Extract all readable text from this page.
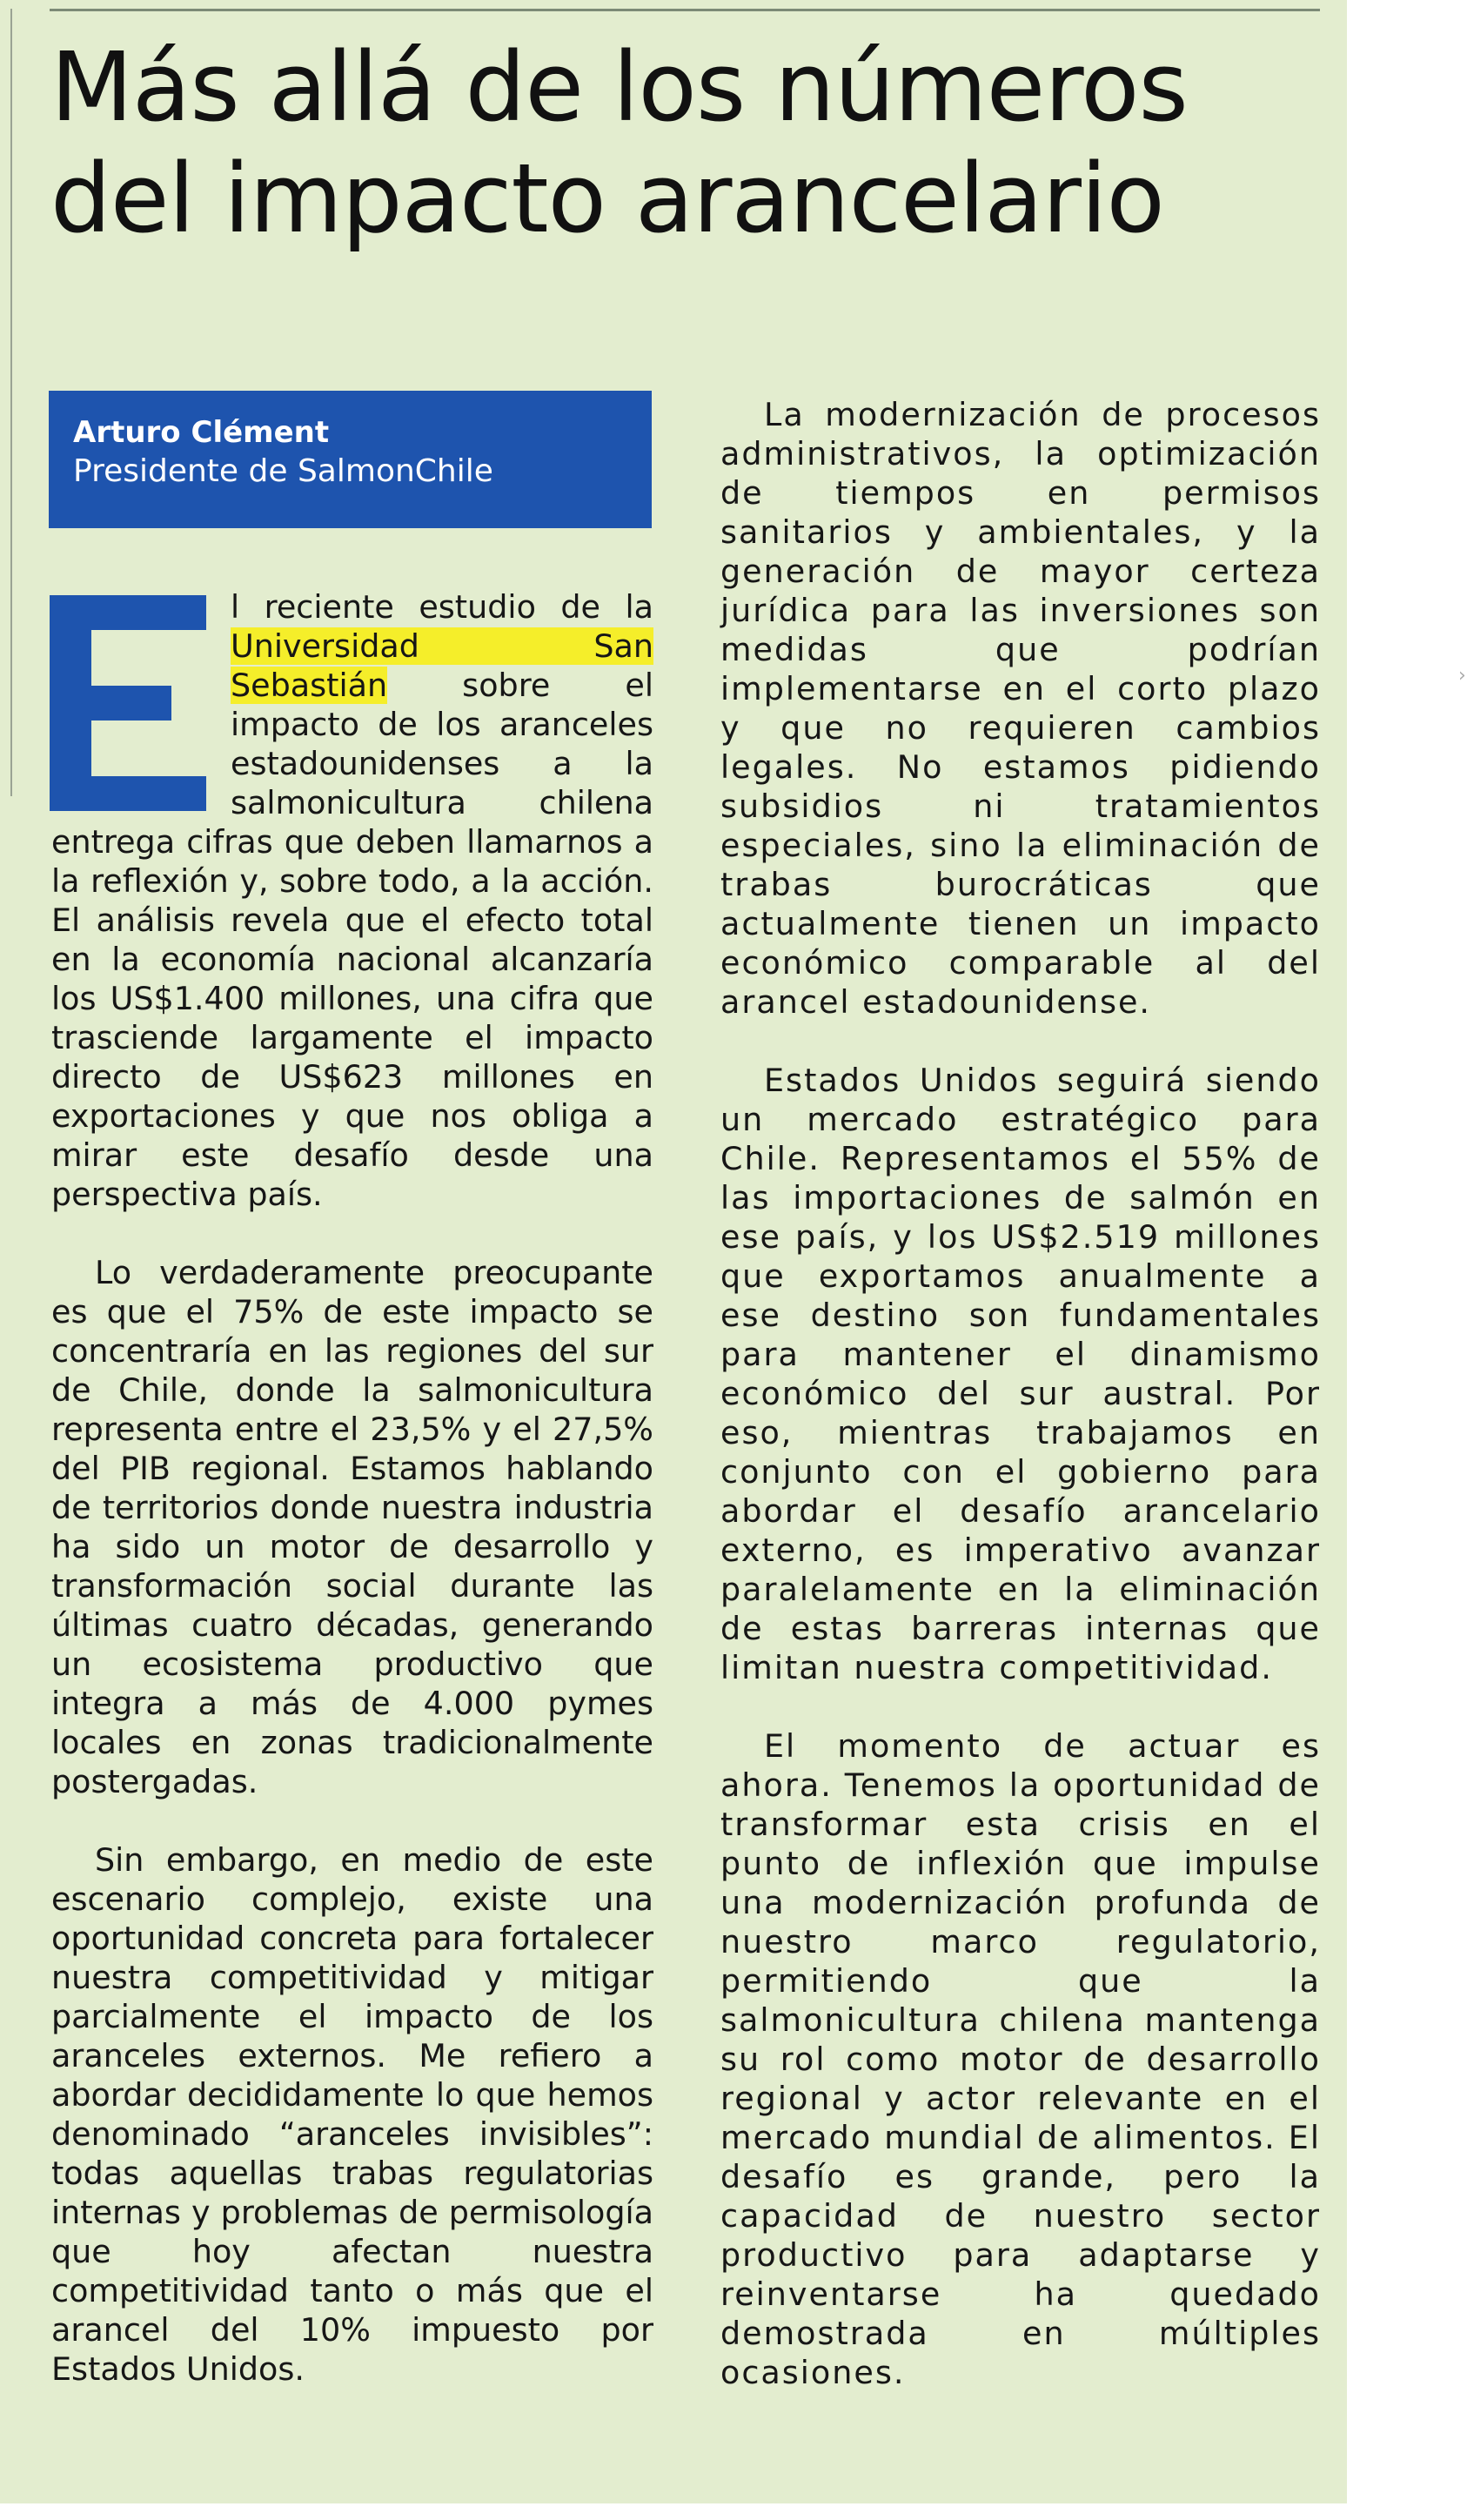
Más allá de los números del impacto arancelario
Arturo Clément
Presidente de SalmonChile

l reciente estudio de la Universidad San Sebastián sobre el impacto de los aranceles estadounidenses a la salmonicultura chilena entrega cifras que deben llamarnos a la reflexión y, sobre todo, a la acción. El análisis revela que el efecto total en la economía nacional alcanzaría los US$1.400 millones, una cifra que trasciende largamente el impacto directo de US$623 millones en exportaciones y que nos obliga a mirar este desafío desde una perspectiva país.

Lo verdaderamente preocupante es que el 75% de este impacto se concentraría en las regiones del sur de Chile, donde la salmonicultura representa entre el 23,5% y el 27,5% del PIB regional. Estamos hablando de territorios donde nuestra industria ha sido un motor de desarrollo y transformación social durante las últimas cuatro décadas, generando un ecosistema productivo que integra a más de 4.000 pymes locales en zonas tradicionalmente postergadas.

Sin embargo, en medio de este escenario complejo, existe una oportunidad concreta para fortalecer nuestra competitividad y mitigar parcialmente el impacto de los aranceles externos. Me refiero a abordar decididamente lo que hemos denominado “aranceles invisibles”: todas aquellas trabas regulatorias internas y problemas de permisología que hoy afectan nuestra competitividad tanto o más que el arancel del 10% impuesto por Estados Unidos.

La modernización de procesos administrativos, la optimización de tiempos en permisos sanitarios y ambientales, y la generación de mayor certeza jurídica para las inversiones son medidas que podrían implementarse en el corto plazo y que no requieren cambios legales. No estamos pidiendo subsidios ni tratamientos especiales, sino la eliminación de trabas burocráticas que actualmente tienen un impacto económico comparable al del arancel estadounidense.

Estados Unidos seguirá siendo un mercado estratégico para Chile. Representamos el 55% de las importaciones de salmón en ese país, y los US$2.519 millones que exportamos anualmente a ese destino son fundamentales para mantener el dinamismo económico del sur austral. Por eso, mientras trabajamos en conjunto con el gobierno para abordar el desafío arancelario externo, es imperativo avanzar paralelamente en la eliminación de estas barreras internas que limitan nuestra competitividad.

El momento de actuar es ahora. Tenemos la oportunidad de transformar esta crisis en el punto de inflexión que impulse una modernización profunda de nuestro marco regulatorio, permitiendo que la salmonicultura chilena mantenga su rol como motor de desarrollo regional y actor relevante en el mercado mundial de alimentos. El desafío es grande, pero la capacidad de nuestro sector productivo para adaptarse y reinventarse ha quedado demostrada en múltiples ocasiones.

›
